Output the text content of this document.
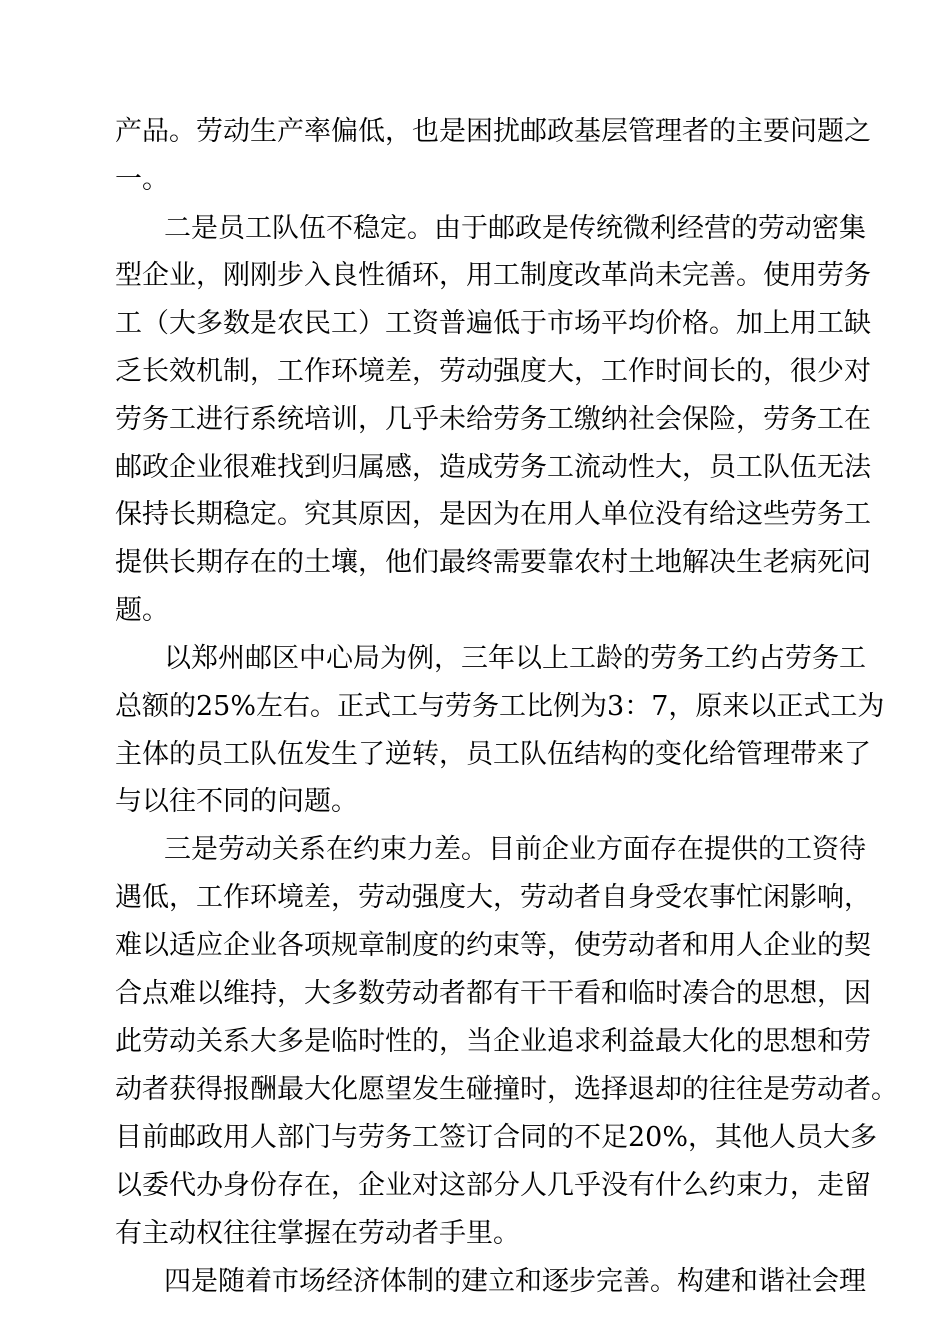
产 品 。 劳 动 生 产 率 偏 低 ， 也 是 困 扰 邮 政 基 层 管 理 者 的 主 要 问 题 之
一。
二 是 员 工 队 伍 不 稳 定 。 由 于 邮 政 是 传 统 微 利 经 营 的 劳 动 密 集
型 企 业 ， 刚 刚 步 入 良 性 循 环 ， 用 工 制 度 改 革 尚 未 完 善 。 使 用 劳 务
工 （ 大 多 数 是 农 民 工 ） 工 资 普 遍 低 于 市 场 平 均 价 格 。 加 上 用 工 缺
乏 长 效 机 制 ， 工 作 环 境 差 ， 劳 动 强 度 大 ， 工 作 时 间 长 的 ， 很 少 对
劳 务 工 进 行 系 统 培 训 ， 几 乎 未 给 劳 务 工 缴 纳 社 会 保 险 ， 劳 务 工 在
邮 政 企 业 很 难 找 到 归 属 感 ， 造 成 劳 务 工 流 动 性 大 ， 员 工 队 伍 无 法
保 持 长 期 稳 定 。 究 其 原 因 ， 是 因 为 在 用 人 单 位 没 有 给 这 些 劳 务 工
提 供 长 期 存 在 的 土 壤 ， 他 们 最 终 需 要 靠 农 村 土 地 解 决 生 老 病 死 问
题。
以 郑 州 邮 区 中 心 局 为 例 ， 三 年 以 上 工 龄 的 劳 务 工 约 占 劳 务 工
总额的25%左右。正式工与劳务工比例为3：7，原来以正式工为
主 体 的 员 工 队 伍 发 生 了 逆 转 ， 员 工 队 伍 结 构 的 变 化 给 管 理 带 来 了
与以往不同的问题。
三 是 劳 动 关 系 在 约 束 力 差 。 目 前 企 业 方 面 存 在 提 供 的 工 资 待
遇 低 ， 工 作 环 境 差 ， 劳 动 强 度 大 ， 劳 动 者 自 身 受 农 事 忙 闲 影 响 ，
难 以 适 应 企 业 各 项 规 章 制 度 的 约 束 等 ， 使 劳 动 者 和 用 人 企 业 的 契
合 点 难 以 维 持 ， 大 多 数 劳 动 者 都 有 干 干 看 和 临 时 凑 合 的 思 想 ， 因
此 劳 动 关 系 大 多 是 临 时 性 的 ， 当 企 业 追 求 利 益 最 大 化 的 思 想 和 劳
动 者 获 得 报 酬 最 大 化 愿 望 发 生 碰 撞 时 ， 选 择 退 却 的 往 往 是 劳 动 者 。
目前邮政用人部门与劳务工签订合同的不足20%，其他人员大多
以 委 代 办 身 份 存 在 ， 企 业 对 这 部 分 人 几 乎 没 有 什 么 约 束 力 ， 走 留
有主动权往往掌握在劳动者手里。
四 是 随 着 市 场 经 济 体 制 的 建 立 和 逐 步 完 善 。 构 建 和 谐 社 会 理
